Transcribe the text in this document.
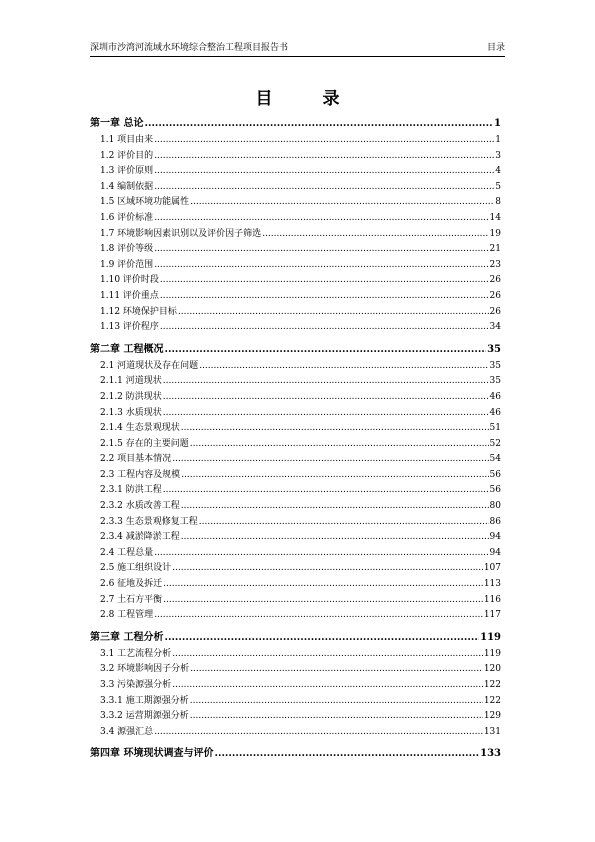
深圳市沙湾河流域水环境综合整治工程项目报告书	目录
目 录
第一章 总论 .....	1
1.1 项目由来 .....	1
1.2 评价目的 .....	3
1.3 评价原则 .....	4
1.4 编制依据 .....	5
1.5 区域环境功能属性 .....	8
1.6 评价标准 .....	14
1.7 环境影响因素识别以及评价因子筛选 .....	19
1.8 评价等级 .....	21
1.9 评价范围 .....	23
1.10 评价时段 .....	26
1.11 评价重点 .....	26
1.12 环境保护目标 .....	26
1.13 评价程序 .....	34
第二章 工程概况 .....	35
2.1 河道现状及存在问题 .....	35
2.1.1 河道现状 .....	35
2.1.2 防洪现状 .....	46
2.1.3 水质现状 .....	46
2.1.4 生态景观现状 .....	51
2.1.5 存在的主要问题 .....	52
2.2 项目基本情况 .....	54
2.3 工程内容及规模 .....	56
2.3.1 防洪工程 .....	56
2.3.2 水质改善工程 .....	80
2.3.3 生态景观修复工程 .....	86
2.3.4 减淤降淤工程 .....	94
2.4 工程总量 .....	94
2.5 施工组织设计 .....	107
2.6 征地及拆迁 .....	113
2.7 土石方平衡 .....	116
2.8 工程管理 .....	117
第三章 工程分析 .....	119
3.1 工艺流程分析 .....	119
3.2 环境影响因子分析 .....	120
3.3 污染源强分析 .....	122
3.3.1 施工期源强分析 .....	122
3.3.2 运营期源强分析 .....	129
3.4 源强汇总 .....	131
第四章 环境现状调查与评价 .....	133
